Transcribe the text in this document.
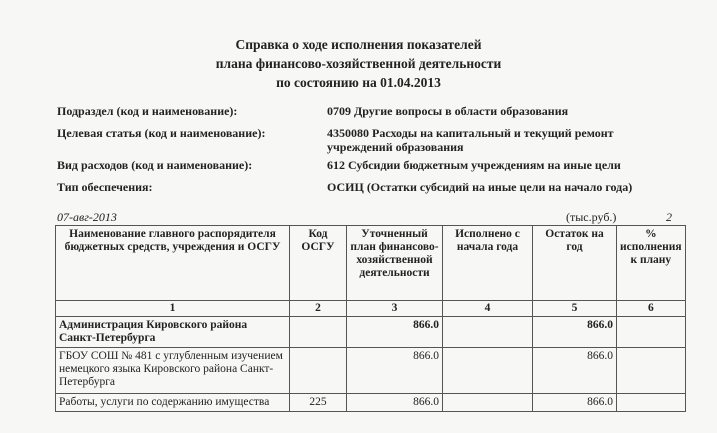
Справка о ходе исполнения показателей
плана финансово-хозяйственной деятельности
по состоянию на 01.04.2013
Подраздел (код и наименование):	0709 Другие вопросы в области образования
Целевая статья (код и наименование):	4350080 Расходы на капитальный и текущий ремонт учреждений образования
Вид расходов (код и наименование):	612 Субсидии бюджетным учреждениям на иные цели
Тип обеспечения:	ОСИЦ (Остатки субсидий на иные цели на начало года)
07-авг-2013	(тыс.руб.)	2
Наименование главного распорядителя бюджетных средств, учреждения и ОСГУ	Код ОСГУ	Уточненный план финансово-хозяйственной деятельности	Исполнено с начала года	Остаток на год	% исполнения к плану
1	2	3	4	5	6
Администрация Кировского района Санкт-Петербурга		866.0		866.0	
ГБОУ СОШ № 481 с углубленным изучением немецкого языка Кировского района Санкт-Петербурга		866.0		866.0	
Работы, услуги по содержанию имущества	225	866.0		866.0	
